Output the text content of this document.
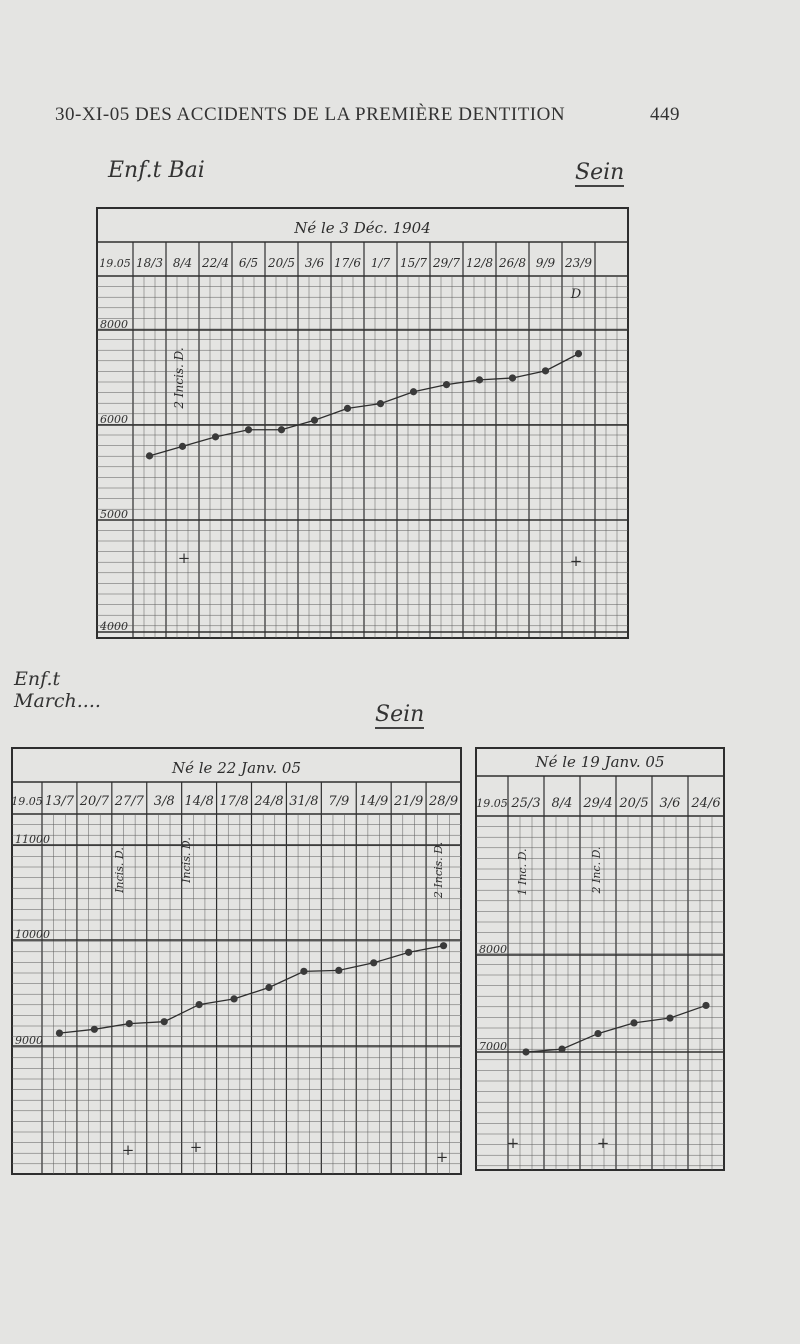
30-XI-05 DES ACCIDENTS DE LA PREMIÈRE DENTITION	449
Enf.t Bai	Sein
Enf.t March....
Sein
Né le 3 Déc. 1904
19.05 18/3 8/4 22/4 6/5 20/5 3/6 17/6 1/7 15/7 29/7 12/8 26/8 9/9 23/9
8000
6000
5000
4000
2 Incis. D.
D
+	+
Né le 22 Janv. 05
19.05 13/7 20/7 27/7 3/8 14/8 17/8 24/8 31/8 7/9 14/9 21/9 28/9
11000
10000
9000
Incis. D.	Incis. D.	2 Incis. D.
+	+
+
Né le 19 Janv. 05
19.05 25/3 8/4 29/4 20/5 3/6 24/6
8000
7000
1 Inc. D.	2 Inc. D.
+	+
